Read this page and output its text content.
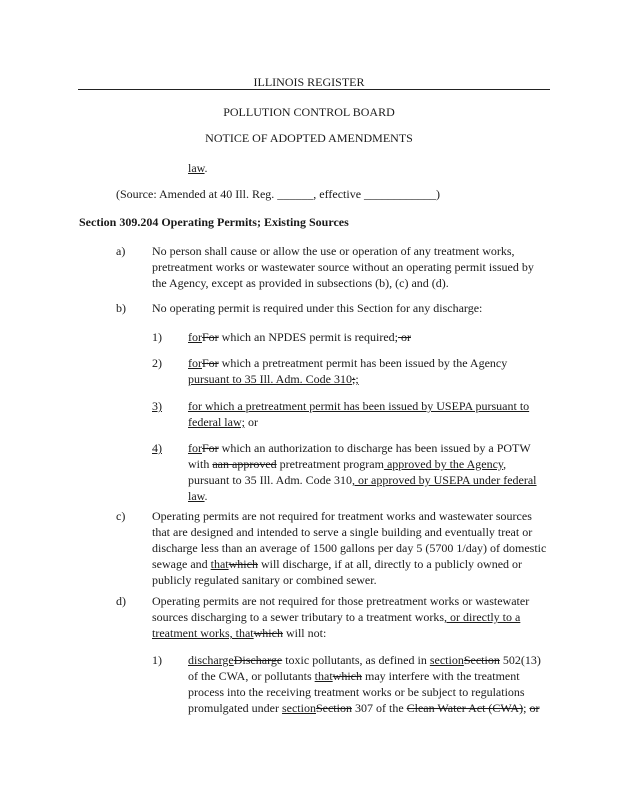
ILLINOIS REGISTER
POLLUTION CONTROL BOARD
NOTICE OF ADOPTED AMENDMENTS
law.
(Source: Amended at 40 Ill. Reg. ______, effective ____________)
Section 309.204 Operating Permits; Existing Sources
a) No person shall cause or allow the use or operation of any treatment works, pretreatment works or wastewater source without an operating permit issued by the Agency, except as provided in subsections (b), (c) and (d).
b) No operating permit is required under this Section for any discharge:
1) forFor which an NPDES permit is required; or
2) forFor which a pretreatment permit has been issued by the Agency pursuant to 35 Ill. Adm. Code 310;;
3) for which a pretreatment permit has been issued by USEPA pursuant to federal law; or
4) forFor which an authorization to discharge has been issued by a POTW with aan approved pretreatment program approved by the Agency, pursuant to 35 Ill. Adm. Code 310, or approved by USEPA under federal law.
c) Operating permits are not required for treatment works and wastewater sources that are designed and intended to serve a single building and eventually treat or discharge less than an average of 1500 gallons per day 5 (5700 1/day) of domestic sewage and thatwhich will discharge, if at all, directly to a publicly owned or publicly regulated sanitary or combined sewer.
d) Operating permits are not required for those pretreatment works or wastewater sources discharging to a sewer tributary to a treatment works, or directly to a treatment works, thatwhich will not:
1) dischargeDischarge toxic pollutants, as defined in sectionSection 502(13) of the CWA, or pollutants thatwhich may interfere with the treatment process into the receiving treatment works or be subject to regulations promulgated under sectionSection 307 of the Clean Water Act (CWA); or
